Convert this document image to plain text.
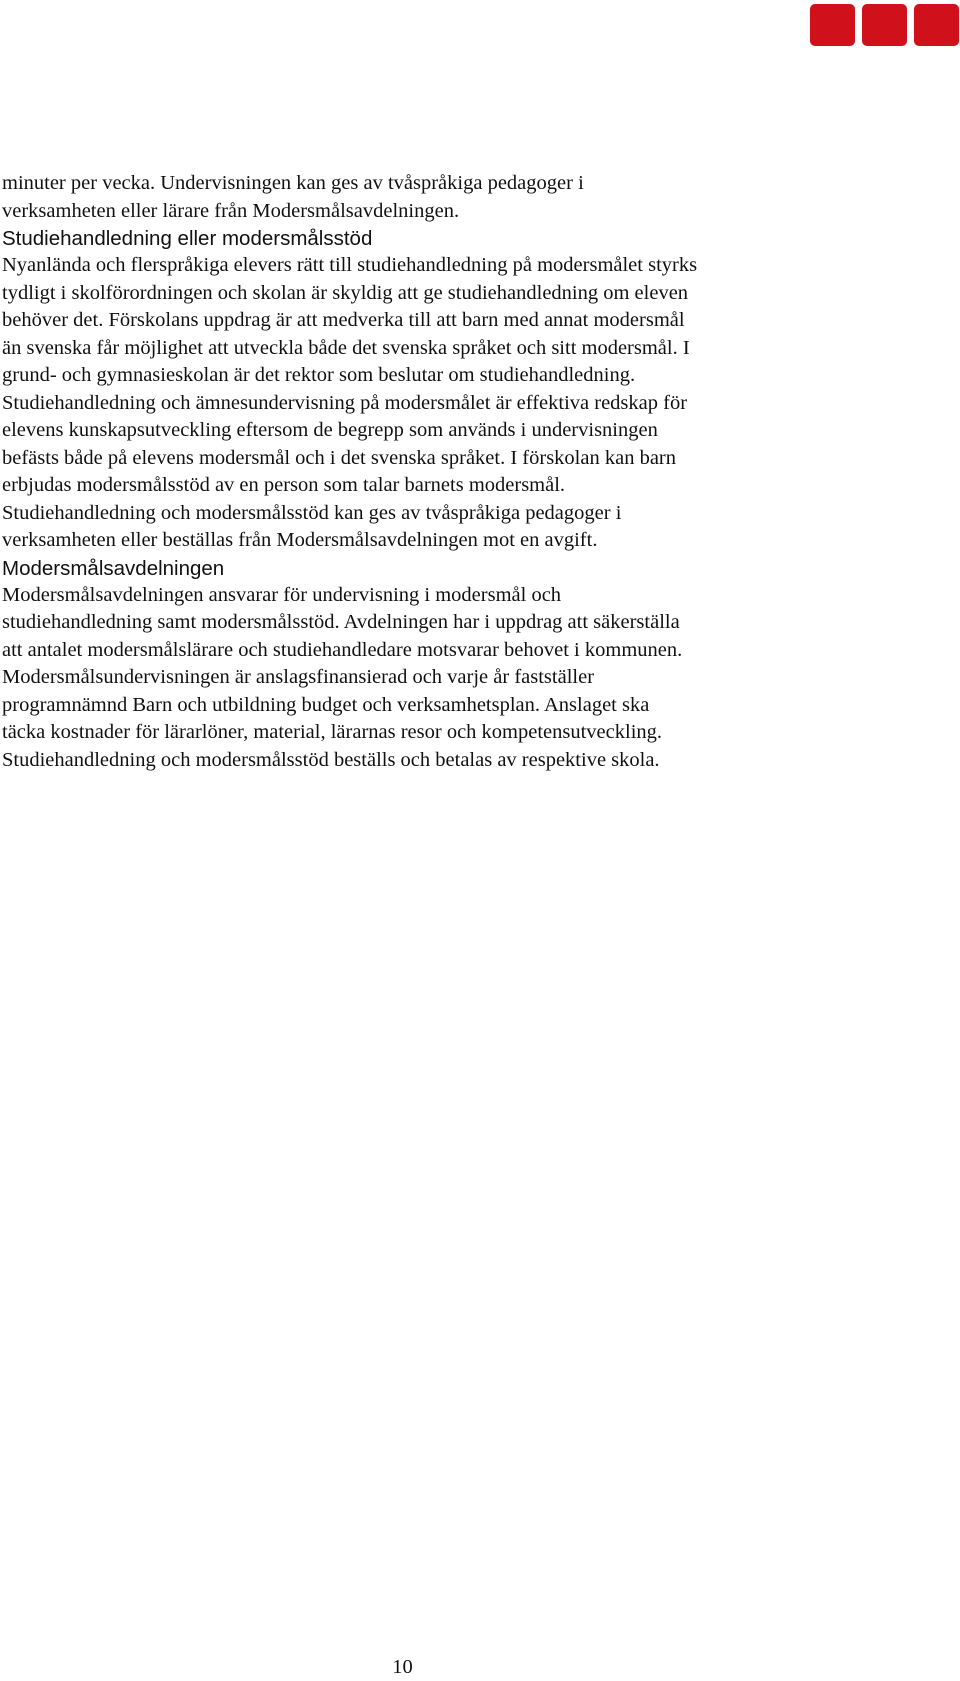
minuter per vecka. Undervisningen kan ges av tvåspråkiga pedagoger i
verksamheten eller lärare från Modersmålsavdelningen.

Studiehandledning eller modersmålsstöd

Nyanlända och flerspråkiga elevers rätt till studiehandledning på modersmålet styrks
tydligt i skolförordningen och skolan är skyldig att ge studiehandledning om eleven
behöver det. Förskolans uppdrag är att medverka till att barn med annat modersmål
än svenska får möjlighet att utveckla både det svenska språket och sitt modersmål. I
grund- och gymnasieskolan är det rektor som beslutar om studiehandledning.

Studiehandledning och ämnesundervisning på modersmålet är effektiva redskap för
elevens kunskapsutveckling eftersom de begrepp som används i undervisningen
befästs både på elevens modersmål och i det svenska språket. I förskolan kan barn
erbjudas modersmålsstöd av en person som talar barnets modersmål.
Studiehandledning och modersmålsstöd kan ges av tvåspråkiga pedagoger i
verksamheten eller beställas från Modersmålsavdelningen mot en avgift.

Modersmålsavdelningen

Modersmålsavdelningen ansvarar för undervisning i modersmål och
studiehandledning samt modersmålsstöd. Avdelningen har i uppdrag att säkerställa
att antalet modersmålslärare och studiehandledare motsvarar behovet i kommunen.
Modersmålsundervisningen är anslagsfinansierad och varje år fastställer
programnämnd Barn och utbildning budget och verksamhetsplan. Anslaget ska
täcka kostnader för lärarlöner, material, lärarnas resor och kompetensutveckling.
Studiehandledning och modersmålsstöd beställs och betalas av respektive skola.

10
